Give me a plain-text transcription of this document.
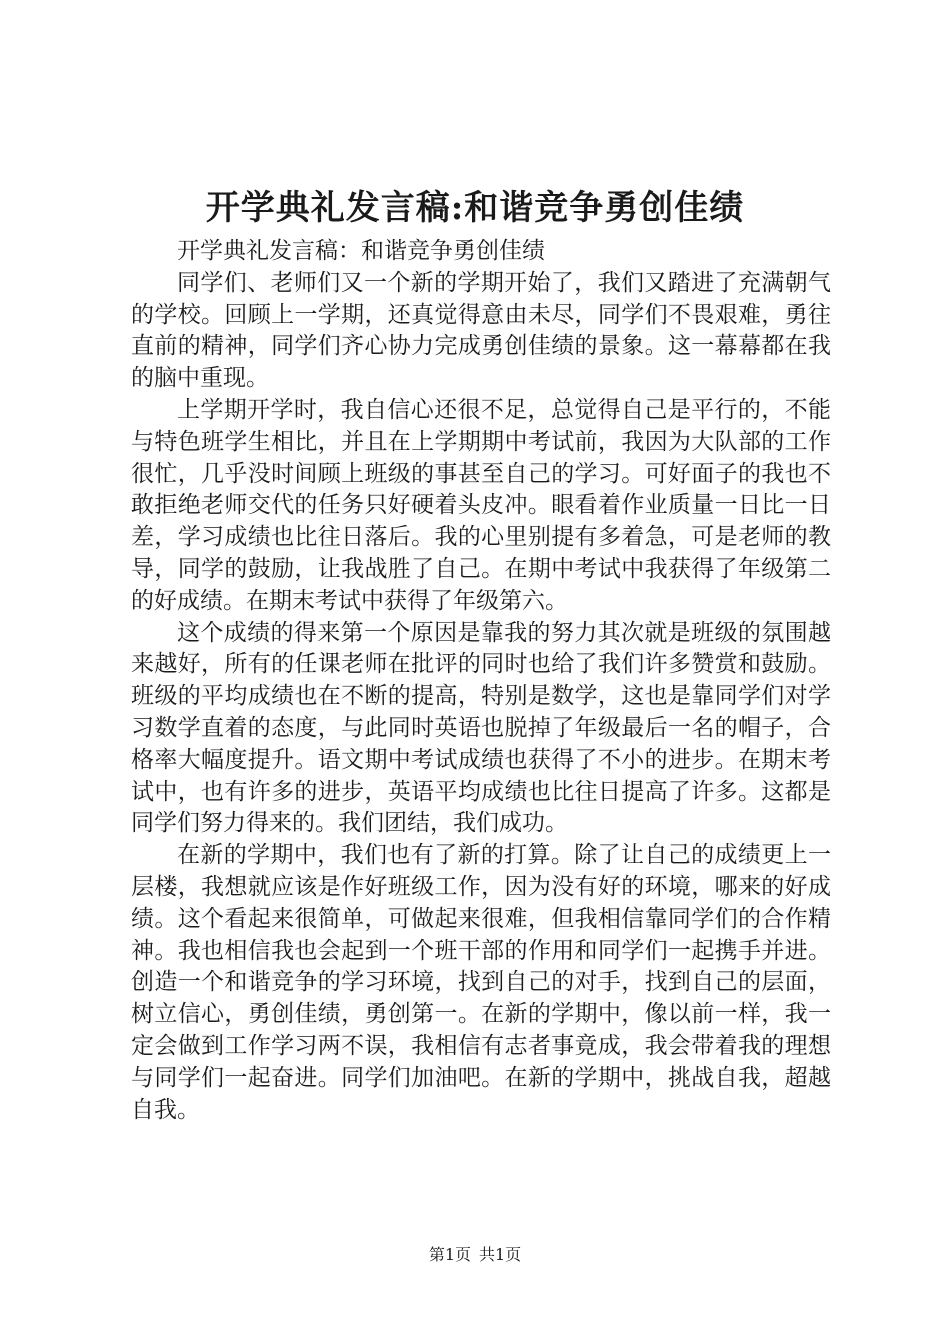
开学典礼发言稿:和谐竞争勇创佳绩

开学典礼发言稿：和谐竞争勇创佳绩

同学们、老师们又一个新的学期开始了，我们又踏进了充满朝气的学校。回顾上一学期，还真觉得意由未尽，同学们不畏艰难，勇往直前的精神，同学们齐心协力完成勇创佳绩的景象。这一幕幕都在我的脑中重现。

上学期开学时，我自信心还很不足，总觉得自己是平行的，不能与特色班学生相比，并且在上学期期中考试前，我因为大队部的工作很忙，几乎没时间顾上班级的事甚至自己的学习。可好面子的我也不敢拒绝老师交代的任务只好硬着头皮冲。眼看着作业质量一日比一日差，学习成绩也比往日落后。我的心里别提有多着急，可是老师的教导，同学的鼓励，让我战胜了自己。在期中考试中我获得了年级第二的好成绩。在期末考试中获得了年级第六。

这个成绩的得来第一个原因是靠我的努力其次就是班级的氛围越来越好，所有的任课老师在批评的同时也给了我们许多赞赏和鼓励。班级的平均成绩也在不断的提高，特别是数学，这也是靠同学们对学习数学直着的态度，与此同时英语也脱掉了年级最后一名的帽子，合格率大幅度提升。语文期中考试成绩也获得了不小的进步。在期末考试中，也有许多的进步，英语平均成绩也比往日提高了许多。这都是同学们努力得来的。我们团结，我们成功。

在新的学期中，我们也有了新的打算。除了让自己的成绩更上一层楼，我想就应该是作好班级工作，因为没有好的环境，哪来的好成绩。这个看起来很简单，可做起来很难，但我相信靠同学们的合作精神。我也相信我也会起到一个班干部的作用和同学们一起携手并进。创造一个和谐竞争的学习环境，找到自己的对手，找到自己的层面，树立信心，勇创佳绩，勇创第一。在新的学期中，像以前一样，我一定会做到工作学习两不误，我相信有志者事竟成，我会带着我的理想与同学们一起奋进。同学们加油吧。在新的学期中，挑战自我，超越自我。

第1页 共1页
